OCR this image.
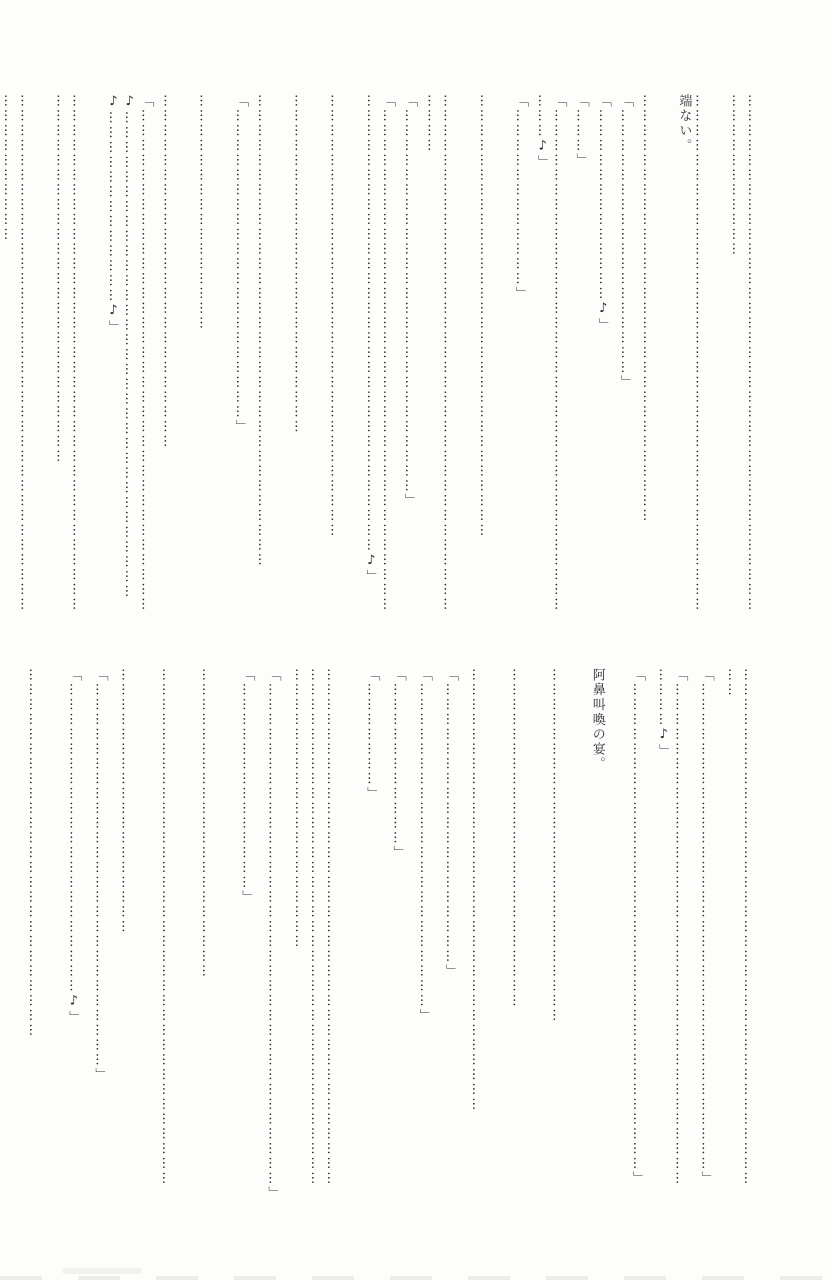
……………………………………………………………………………………………
……………………………
……………………………………………………………………………………………
端ない。
……………………………………………………………………………
「………………………………………………」
「…………………………………♪」
「………」
「…………………………………………………………………………………………
………♪」
「………………………………」
………………………………………………………………………………
……………………………………………………………………………………………
…………
「……………………………………………………………………」
「…………………………………………………………………………………………
…………………………………………………………………………………♪」
………………………………………………………………………………
……………………………………………………………
……………………………………………………………………………………
「………………………………………………………」
…………………………………………
………………………………………………………………
「…………………………………………………………………………………………
♪………………………………………………………………………………………
♪…………………………………♪」
……………………………………………………………………………………………
…………………………………………………………………
……………………………………………………………………………………………
…………………………
……………………………………………………………………………………………
……
「………………………………………………………………………………………」
「…………………………………………………………………………………………
…………♪」
「………………………………………………………………………………………」
阿鼻叫喚の宴。
………………………………………………………………
……………………………………………………………
………………………………………………………………………………
「…………………………………………………」
「…………………………………………………………」
「……………………………」
「…………………」
……………………………………………………………………………………………
……………………………………………………………………………………………
…………………………………………………
「…………………………………………………………………………………………」
「……………………………………」
………………………………………………………
……………………………………………………………………………………………
………………………………………………
「……………………………………………………………………」
「………………………………………………………♪」
…………………………………………………………………
